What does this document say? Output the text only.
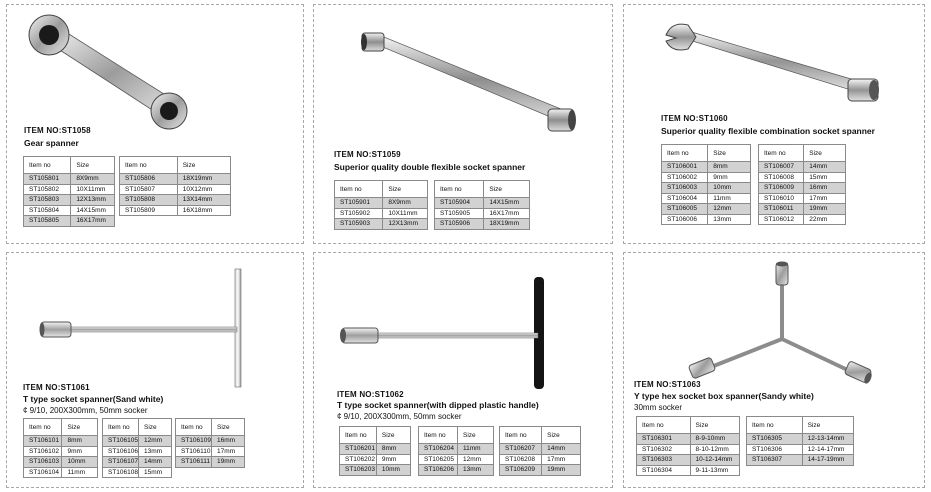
ITEM NO:ST1058
Gear spanner
Item no	Size
ST105801	8X9mm
ST105802	10X11mm
ST105803	12X13mm
ST105804	14X15mm
ST105805	16X17mm
Item no	Size
ST105806	18X19mm
ST105807	10X12mm
ST105808	13X14mm
ST105809	16X18mm
ITEM NO:ST1059
Superior quality double flexible socket spanner
Item no	Size
ST105901	8X9mm
ST105902	10X11mm
ST105903	12X13mm
Item no	Size
ST105904	14X15mm
ST105905	16X17mm
ST105906	18X19mm
ITEM NO:ST1060
Superior quality flexible combination socket spanner
Item no	Size
ST106001	8mm
ST106002	9mm
ST106003	10mm
ST106004	11mm
ST106005	12mm
ST106006	13mm
Item no	Size
ST106007	14mm
ST106008	15mm
ST106009	16mm
ST106010	17mm
ST106011	19mm
ST106012	22mm
ITEM NO:ST1061
T type socket spanner(Sand white)
¢ 9/10, 200X300mm, 50mm socker
Item no	Size
ST106101	8mm
ST106102	9mm
ST106103	10mm
ST106104	11mm
Item no	Size
ST106105	12mm
ST106106	13mm
ST106107	14mm
ST106108	15mm
Item no	Size
ST106109	16mm
ST106110	17mm
ST106111	19mm
ITEM NO:ST1062
T type socket spanner(with dipped plastic handle)
¢ 9/10, 200X300mm, 50mm socker
Item no	Size
ST106201	8mm
ST106202	9mm
ST106203	10mm
Item no	Size
ST106204	11mm
ST106205	12mm
ST106206	13mm
Item no	Size
ST106207	14mm
ST106208	17mm
ST106209	19mm
ITEM NO:ST1063
Y type hex socket box spanner(Sandy white)
30mm socker
Item no	Size
ST106301	8-9-10mm
ST106302	8-10-12mm
ST106303	10-12-14mm
ST106304	9-11-13mm
Item no	Size
ST106305	12-13-14mm
ST106306	12-14-17mm
ST106307	14-17-19mm
